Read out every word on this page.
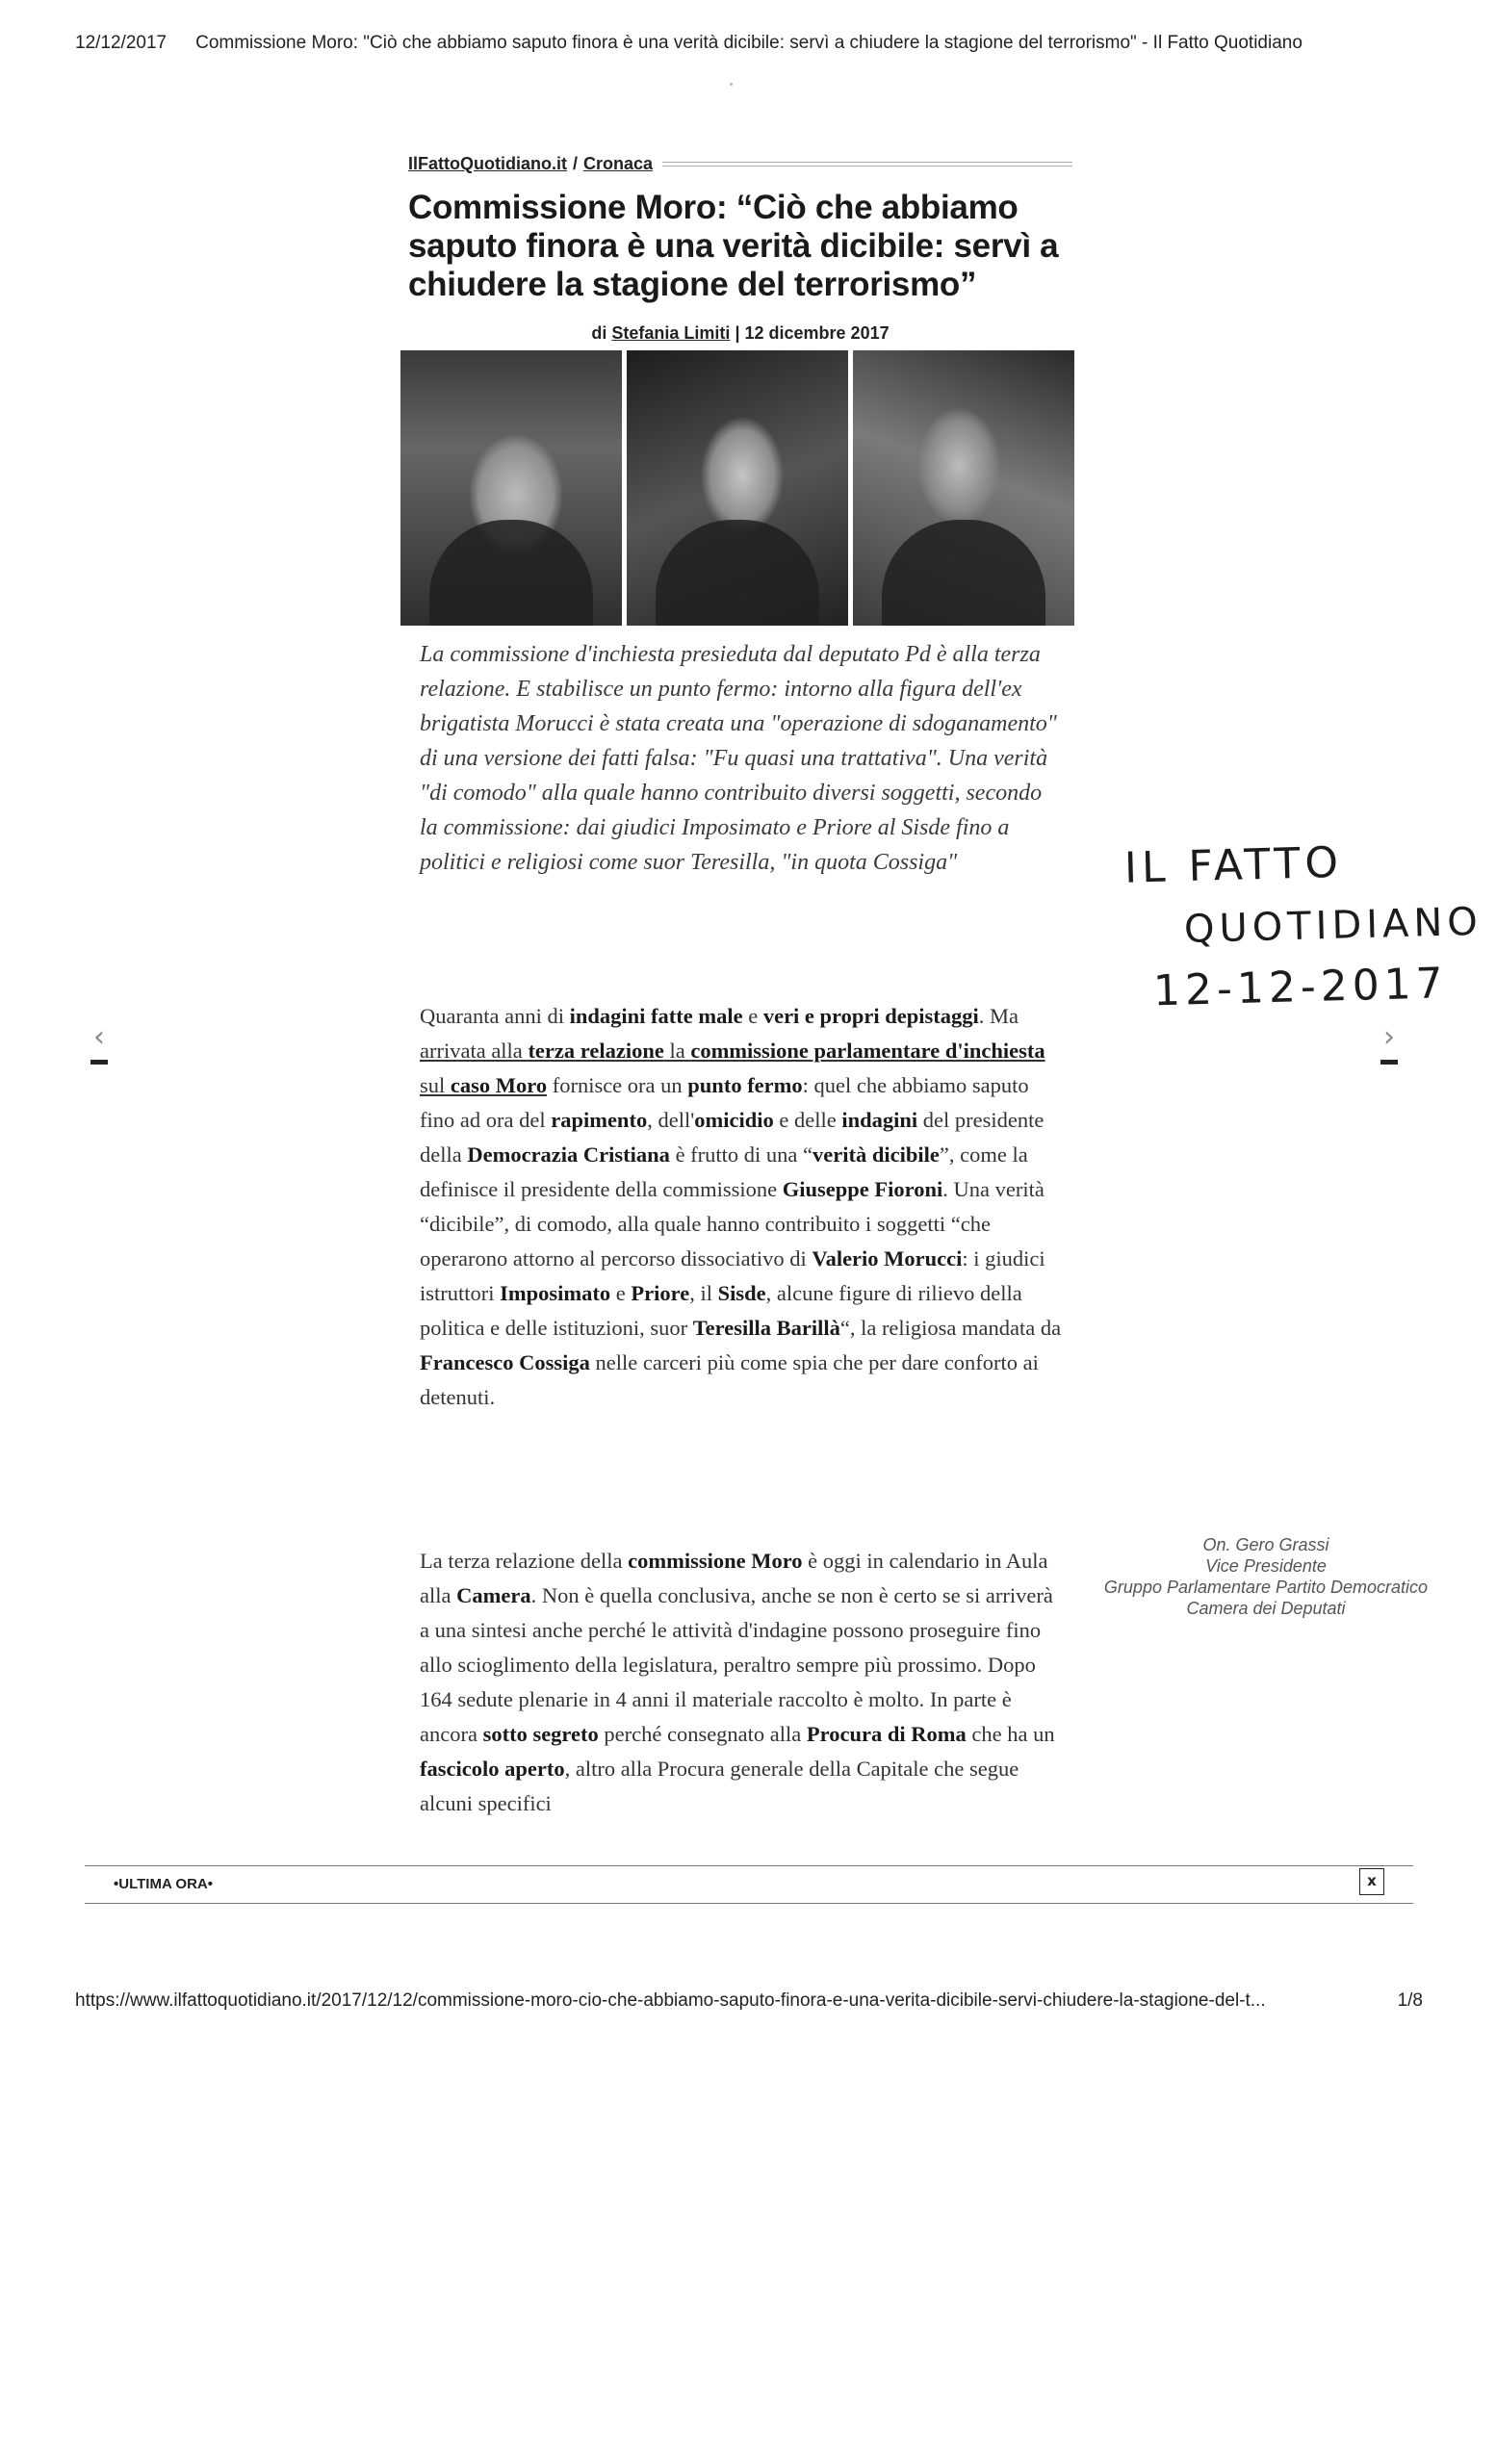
12/12/2017 Commissione Moro: "Ciò che abbiamo saputo finora è una verità dicibile: servì a chiudere la stagione del terrorismo" - Il Fatto Quotidiano
IlFattoQuotidiano.it / Cronaca
Commissione Moro: “Ciò che abbiamo saputo finora è una verità dicibile: servì a chiudere la stagione del terrorismo”
di Stefania Limiti | 12 dicembre 2017

La commissione d'inchiesta presieduta dal deputato Pd è alla terza relazione. E stabilisce un punto fermo: intorno alla figura dell'ex brigatista Morucci è stata creata una "operazione di sdoganamento" di una versione dei fatti falsa: "Fu quasi una trattativa". Una verità "di comodo" alla quale hanno contribuito diversi soggetti, secondo la commissione: dai giudici Imposimato e Priore al Sisde fino a politici e religiosi come suor Teresilla, "in quota Cossiga"

Quaranta anni di indagini fatte male e veri e propri depistaggi. Ma arrivata alla terza relazione la commissione parlamentare d'inchiesta sul caso Moro fornisce ora un punto fermo: quel che abbiamo saputo fino ad ora del rapimento, dell'omicidio e delle indagini del presidente della Democrazia Cristiana è frutto di una “verità dicibile”, come la definisce il presidente della commissione Giuseppe Fioroni. Una verità “dicibile”, di comodo, alla quale hanno contribuito i soggetti “che operarono attorno al percorso dissociativo di Valerio Morucci: i giudici istruttori Imposimato e Priore, il Sisde, alcune figure di rilievo della politica e delle istituzioni, suor Teresilla Barillà“, la religiosa mandata da Francesco Cossiga nelle carceri più come spia che per dare conforto ai detenuti.

La terza relazione della commissione Moro è oggi in calendario in Aula alla Camera. Non è quella conclusiva, anche se non è certo se si arriverà a una sintesi anche perché le attività d'indagine possono proseguire fino allo scioglimento della legislatura, peraltro sempre più prossimo. Dopo 164 sedute plenarie in 4 anni il materiale raccolto è molto. In parte è ancora sotto segreto perché consegnato alla Procura di Roma che ha un fascicolo aperto, altro alla Procura generale della Capitale che segue alcuni specifici

IL FATTO
QUOTIDIANO
12-12-2017
On. Gero Grassi
Vice Presidente
Gruppo Parlamentare Partito Democratico
Camera dei Deputati
‹	›
•ULTIMA ORA•	x
https://www.ilfattoquotidiano.it/2017/12/12/commissione-moro-cio-che-abbiamo-saputo-finora-e-una-verita-dicibile-servi-chiudere-la-stagione-del-t...	1/8
